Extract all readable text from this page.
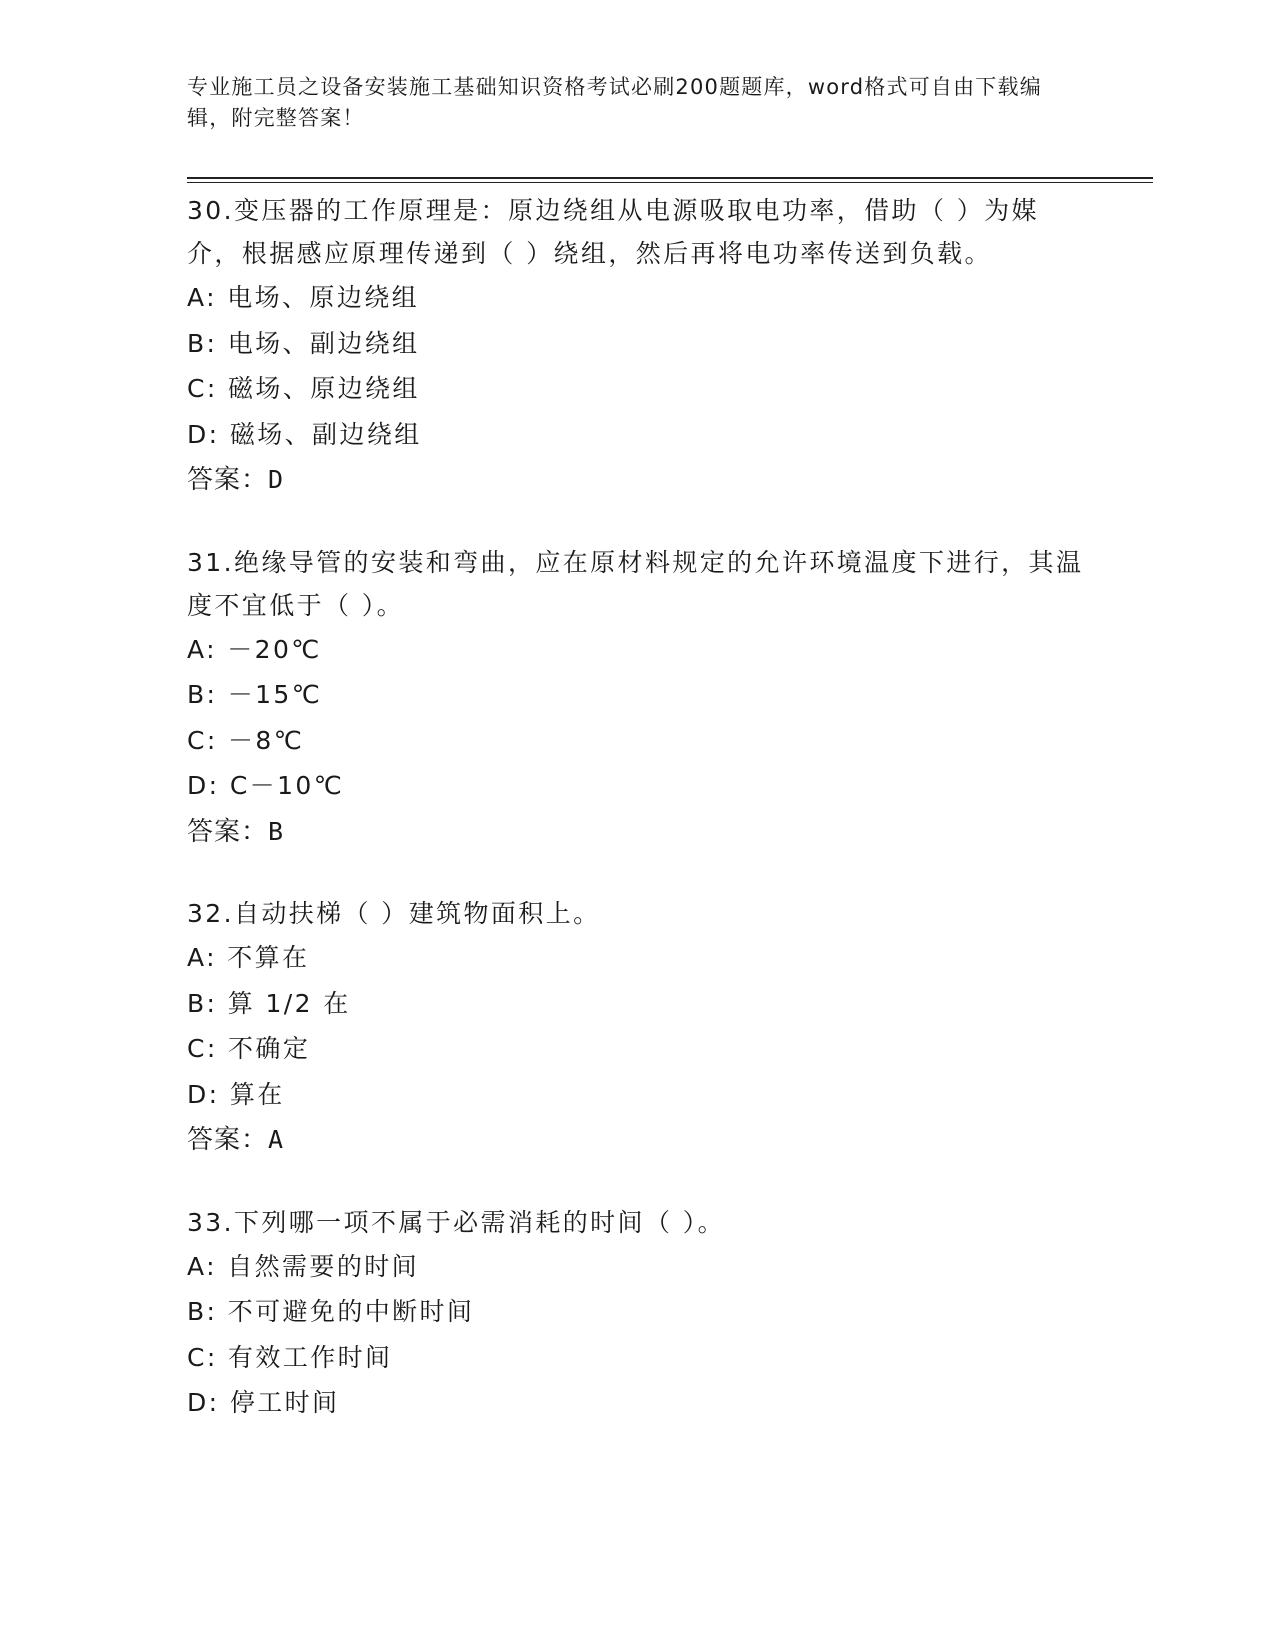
专业施工员之设备安装施工基础知识资格考试必刷200题题库，word格式可自由下载编辑，附完整答案！
30.变压器的工作原理是：原边绕组从电源吸取电功率，借助（ ）为媒介，根据感应原理传递到（ ）绕组，然后再将电功率传送到负载。
A: 电场、原边绕组
B: 电场、副边绕组
C: 磁场、原边绕组
D: 磁场、副边绕组
答案：D
31.绝缘导管的安装和弯曲，应在原材料规定的允许环境温度下进行，其温度不宜低于（ ）。
A: －20℃
B: －15℃
C: －8℃
D: C－10℃
答案：B
32.自动扶梯（ ）建筑物面积上。
A: 不算在
B: 算 1/2 在
C: 不确定
D: 算在
答案：A
33.下列哪一项不属于必需消耗的时间（ ）。
A: 自然需要的时间
B: 不可避免的中断时间
C: 有效工作时间
D: 停工时间
